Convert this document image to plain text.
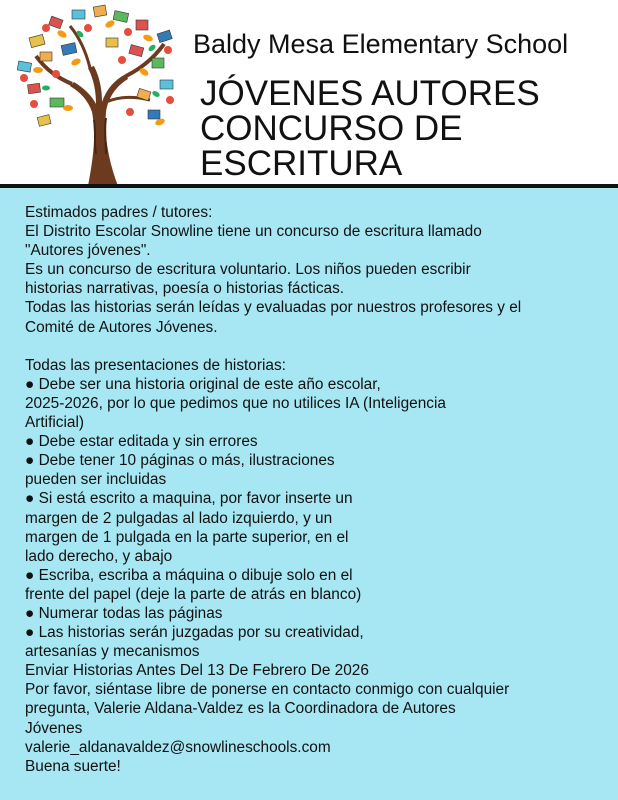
Baldy Mesa Elementary School
JÓVENES AUTORES
CONCURSO DE
ESCRITURA
Estimados padres / tutores:
El Distrito Escolar Snowline tiene un concurso de escritura llamado
"Autores jóvenes".
Es un concurso de escritura voluntario. Los niños pueden escribir
historias narrativas, poesía o historias fácticas.
Todas las historias serán leídas y evaluadas por nuestros profesores y el
Comité de Autores Jóvenes.
Todas las presentaciones de historias:
● Debe ser una historia original de este año escolar,
2025-2026, por lo que pedimos que no utilices IA (Inteligencia
Artificial)
● Debe estar editada y sin errores
● Debe tener 10 páginas o más, ilustraciones
pueden ser incluidas
● Si está escrito a maquina, por favor inserte un
margen de 2 pulgadas al lado izquierdo, y un
margen de 1 pulgada en la parte superior, en el
lado derecho, y abajo
● Escriba, escriba a máquina o dibuje solo en el
frente del papel (deje la parte de atrás en blanco)
● Numerar todas las páginas
● Las historias serán juzgadas por su creatividad,
artesanías y mecanismos
Enviar Historias Antes Del 13 De Febrero De 2026
Por favor, siéntase libre de ponerse en contacto conmigo con cualquier
pregunta, Valerie Aldana-Valdez es la Coordinadora de Autores
Jóvenes
valerie_aldanavaldez@snowlineschools.com
Buena suerte!
